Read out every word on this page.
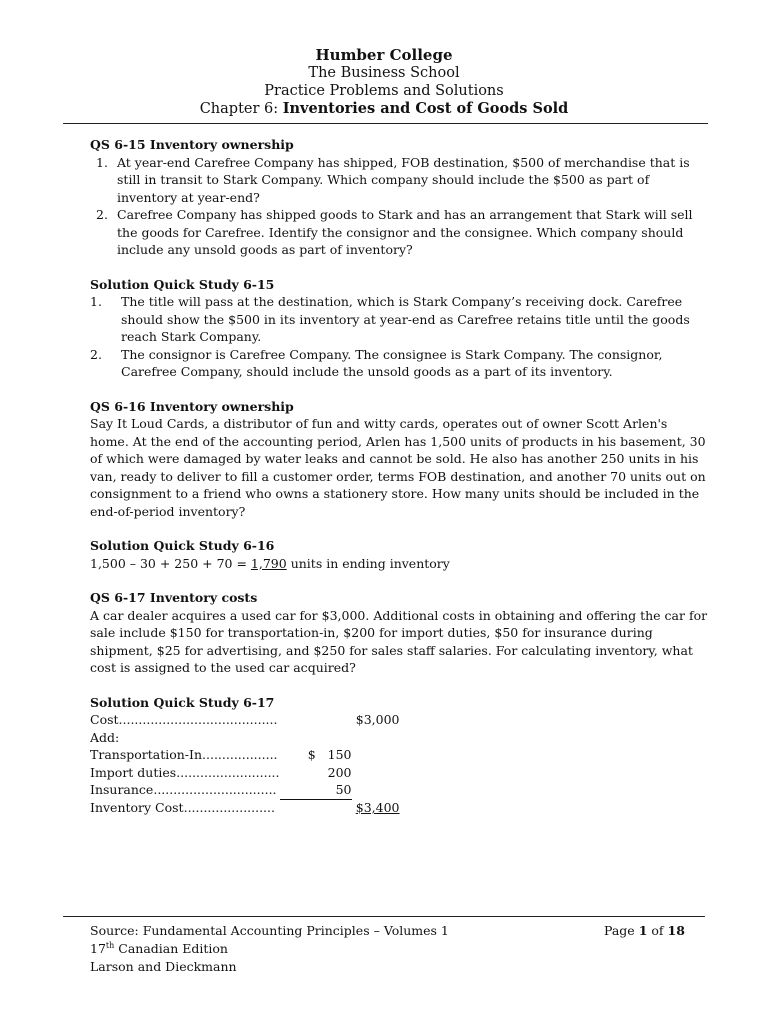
Humber College
The Business School
Practice Problems and Solutions
Chapter 6: Inventories and Cost of Goods Sold
QS 6-15 Inventory ownership
1. At year-end Carefree Company has shipped, FOB destination, $500 of merchandise that is still in transit to Stark Company. Which company should include the $500 as part of inventory at year-end?
2. Carefree Company has shipped goods to Stark and has an arrangement that Stark will sell the goods for Carefree. Identify the consignor and the consignee. Which company should include any unsold goods as part of inventory?
Solution Quick Study 6-15
1. The title will pass at the destination, which is Stark Company’s receiving dock. Carefree should show the $500 in its inventory at year-end as Carefree retains title until the goods reach Stark Company.
2. The consignor is Carefree Company. The consignee is Stark Company. The consignor, Carefree Company, should include the unsold goods as a part of its inventory.
QS 6-16 Inventory ownership

Say It Loud Cards, a distributor of fun and witty cards, operates out of owner Scott Arlen's home. At the end of the accounting period, Arlen has 1,500 units of products in his basement, 30 of which were damaged by water leaks and cannot be sold. He also has another 250 units in his van, ready to deliver to fill a customer order, terms FOB destination, and another 70 units out on consignment to a friend who owns a stationery store. How many units should be included in the end-of-period inventory?

Solution Quick Study 6-16

1,500 – 30 + 250 + 70 = 1,790 units in ending inventory

QS 6-17 Inventory costs

A car dealer acquires a used car for $3,000. Additional costs in obtaining and offering the car for sale include $150 for transportation-in, $200 for import duties, $50 for insurance during shipment, $25 for advertising, and $250 for sales staff salaries. For calculating inventory, what cost is assigned to the used car acquired?

Solution Quick Study 6-17
Cost........................................		$3,000
Add:		
Transportation-In...................	$   150	
Import duties..........................	200	
Insurance...............................	50	
Inventory Cost.......................		$3,400
Source: Fundamental Accounting Principles – Volumes 1
17th Canadian Edition
Larson and Dieckmann
Page 1 of 18
